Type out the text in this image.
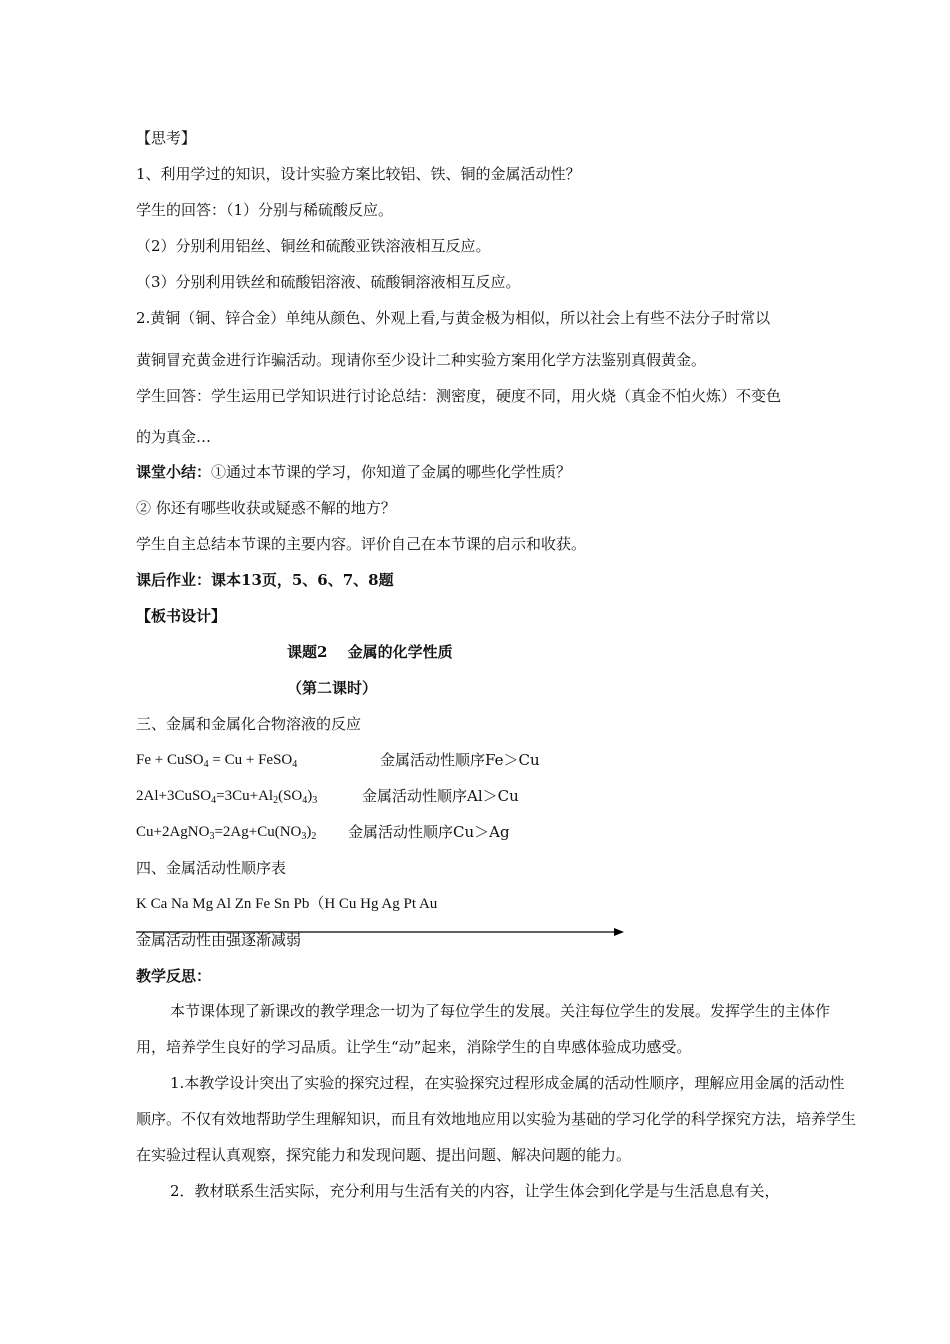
【思考】
1、利用学过的知识，设计实验方案比较铝、铁、铜的金属活动性？
学生的回答：（1）分别与稀硫酸反应。
（2）分别利用铝丝、铜丝和硫酸亚铁溶液相互反应。
（3）分别利用铁丝和硫酸铝溶液、硫酸铜溶液相互反应。
2.黄铜（铜、锌合金）单纯从颜色、外观上看,与黄金极为相似，所以社会上有些不法分子时常以
黄铜冒充黄金进行诈骗活动。现请你至少设计二种实验方案用化学方法鉴别真假黄金。
学生回答：学生运用已学知识进行讨论总结：测密度，硬度不同，用火烧（真金不怕火炼）不变色
的为真金…
课堂小结：①通过本节课的学习，你知道了金属的哪些化学性质？
② 你还有哪些收获或疑惑不解的地方？
学生自主总结本节课的主要内容。评价自己在本节课的启示和收获。
课后作业：课本13页，5、6、7、8题
【板书设计】
课题2　 金属的化学性质
（第二课时）
三、金属和金属化合物溶液的反应
Fe + CuSO$_4$ = Cu + FeSO$_4$	金属活动性顺序Fe＞Cu
$2Al+3CuSO_4=3Cu+Al_2(SO_4)_3$	金属活动性顺序Al＞Cu
$Cu+2AgNO_3=2Ag+Cu(NO_3)_2$ 金属活动性顺序Cu＞Ag
四、金属活动性顺序表
K Ca Na Mg Al Zn Fe Sn Pb（H Cu Hg Ag Pt Au
金属活动性由强逐渐减弱
教学反思：
本节课体现了新课改的教学理念一切为了每位学生的发展。关注每位学生的发展。发挥学生的主体作用，培养学生良好的学习品质。让学生“动”起来，消除学生的自卑感体验成功感受。
1.本教学设计突出了实验的探究过程，在实验探究过程形成金属的活动性顺序，理解应用金属的活动性顺序。不仅有效地帮助学生理解知识，而且有效地地应用以实验为基础的学习化学的科学探究方法，培养学生在实验过程认真观察，探究能力和发现问题、提出问题、解决问题的能力。
2．教材联系生活实际，充分利用与生活有关的内容，让学生体会到化学是与生活息息有关，
